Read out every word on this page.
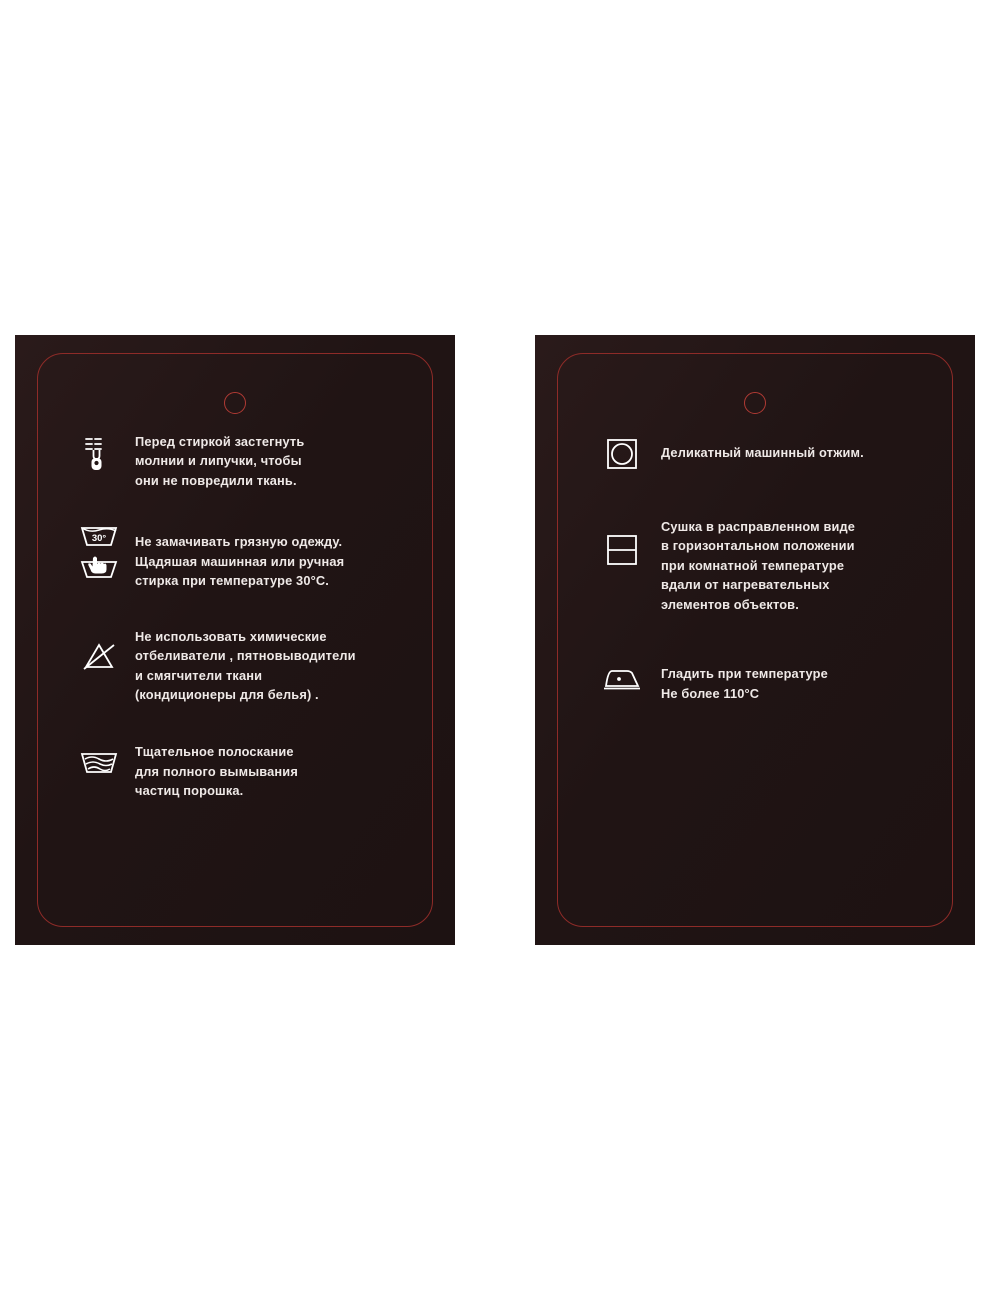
Перед стиркой застегнуть
молнии и липучки, чтобы
они не повредили ткань.
30° Не замачивать грязную одежду.
Щадяшая машинная или ручная
стирка при температуре 30°C.
Не использовать химические
отбеливатели , пятновыводители
и смягчители ткани
(кондиционеры для белья) .
Тщательное полоскание
для полного вымывания
частиц порошка.
Деликатный машинный отжим.
Сушка в расправленном виде
в горизонтальном положении
при комнатной температуре
вдали от нагревательных
элементов объектов.
Гладить при температуре
Не более 110°C
